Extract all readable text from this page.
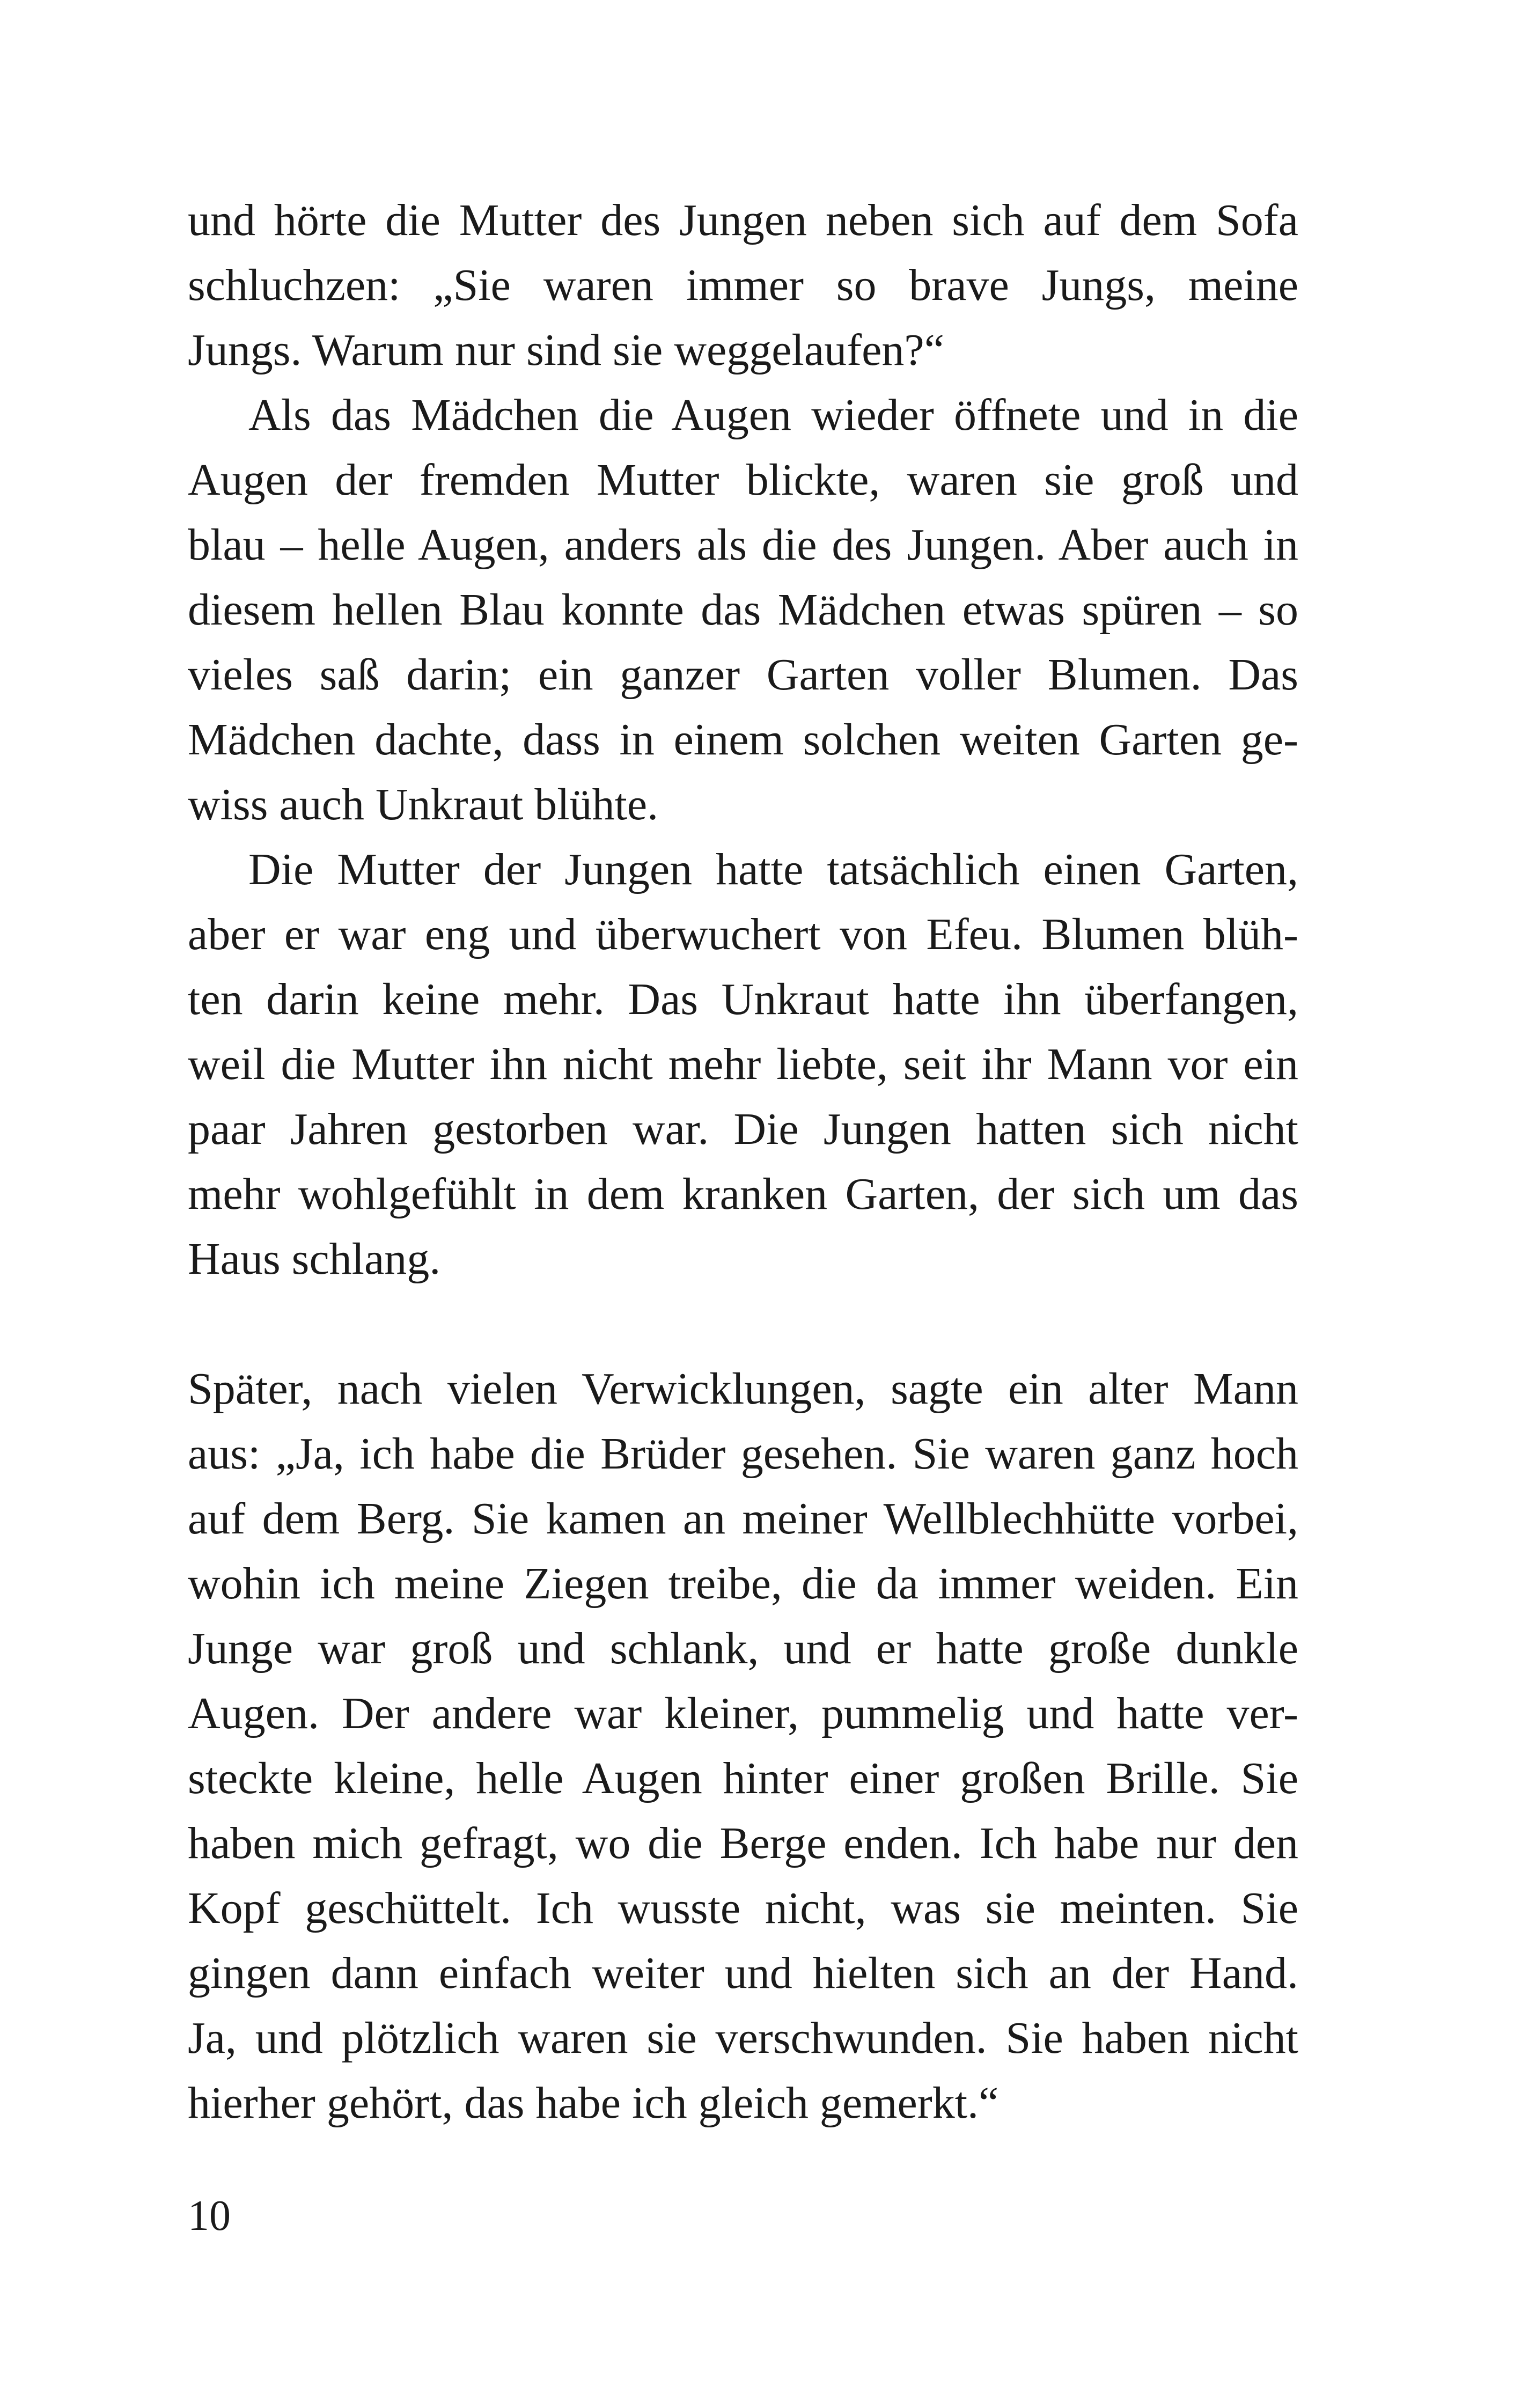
und hörte die Mutter des Jungen neben sich auf dem Sofa
schluchzen: „Sie waren immer so brave Jungs, meine
Jungs. Warum nur sind sie weggelaufen?“
Als das Mädchen die Augen wieder öffnete und in die
Augen der fremden Mutter blickte, waren sie groß und
blau – helle Augen, anders als die des Jungen. Aber auch in
diesem hellen Blau konnte das Mädchen etwas spüren – so
vieles saß darin; ein ganzer Garten voller Blumen. Das
Mädchen dachte, dass in einem solchen weiten Garten ge-
wiss auch Unkraut blühte.
Die Mutter der Jungen hatte tatsächlich einen Garten,
aber er war eng und überwuchert von Efeu. Blumen blüh-
ten darin keine mehr. Das Unkraut hatte ihn überfangen,
weil die Mutter ihn nicht mehr liebte, seit ihr Mann vor ein
paar Jahren gestorben war. Die Jungen hatten sich nicht
mehr wohlgefühlt in dem kranken Garten, der sich um das
Haus schlang.
Später, nach vielen Verwicklungen, sagte ein alter Mann
aus: „Ja, ich habe die Brüder gesehen. Sie waren ganz hoch
auf dem Berg. Sie kamen an meiner Wellblechhütte vorbei,
wohin ich meine Ziegen treibe, die da immer weiden. Ein
Junge war groß und schlank, und er hatte große dunkle
Augen. Der andere war kleiner, pummelig und hatte ver-
steckte kleine, helle Augen hinter einer großen Brille. Sie
haben mich gefragt, wo die Berge enden. Ich habe nur den
Kopf geschüttelt. Ich wusste nicht, was sie meinten. Sie
gingen dann einfach weiter und hielten sich an der Hand.
Ja, und plötzlich waren sie verschwunden. Sie haben nicht
hierher gehört, das habe ich gleich gemerkt.“
10
